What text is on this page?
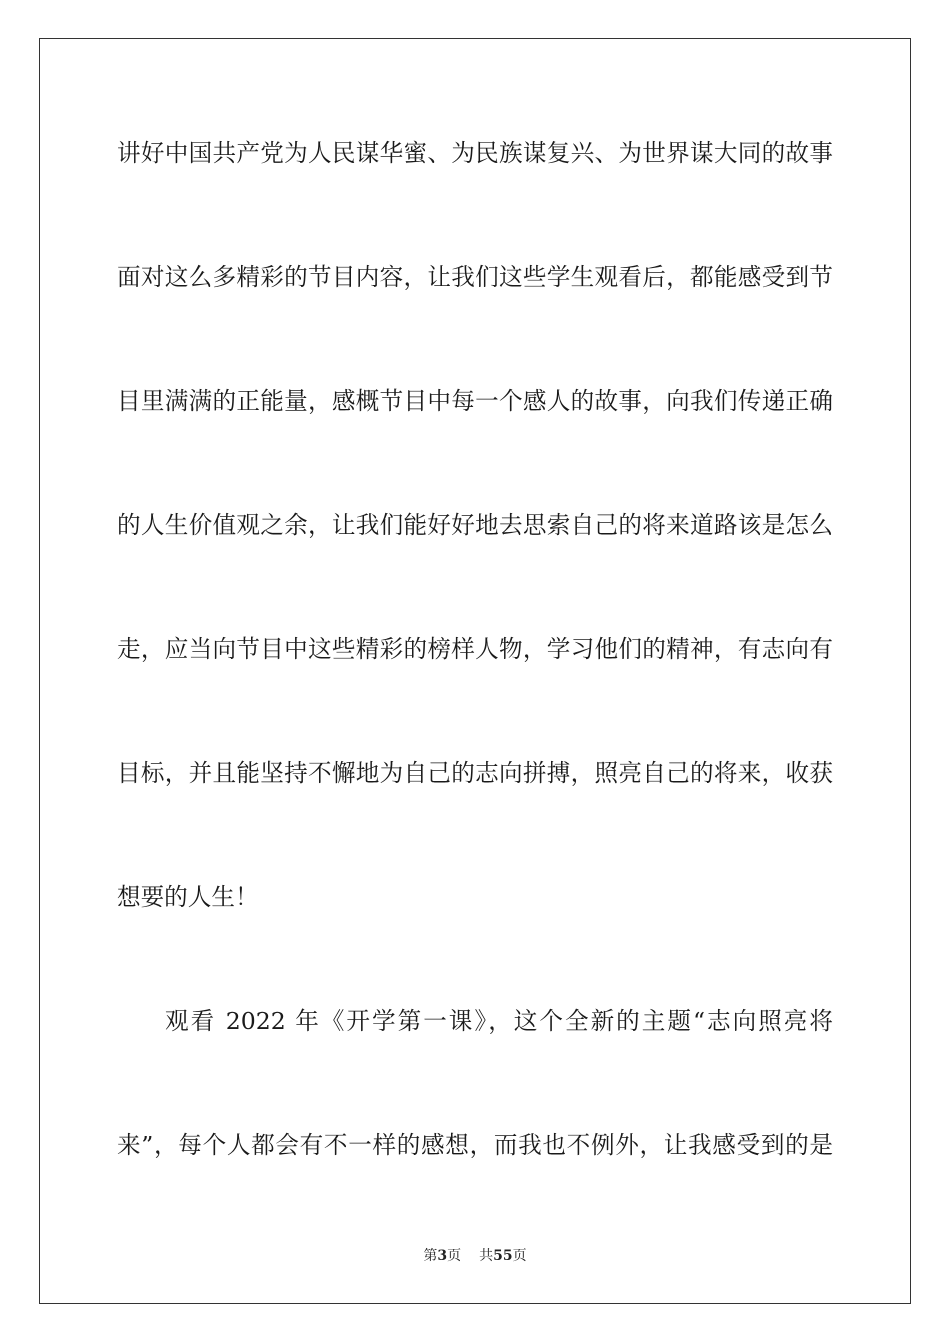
讲好中国共产党为人民谋华蜜、为民族谋复兴、为世界谋大同的故事

面对这么多精彩的节目内容，让我们这些学生观看后，都能感受到节

目里满满的正能量，感概节目中每一个感人的故事，向我们传递正确

的人生价值观之余，让我们能好好地去思索自己的将来道路该是怎么

走，应当向节目中这些精彩的榜样人物，学习他们的精神，有志向有

目标，并且能坚持不懈地为自己的志向拼搏，照亮自己的将来，收获

想要的人生！

观看 2022 年《开学第一课》，这个全新的主题“志向照亮将

来”，每个人都会有不一样的感想，而我也不例外，让我感受到的是

第3页 共55页
